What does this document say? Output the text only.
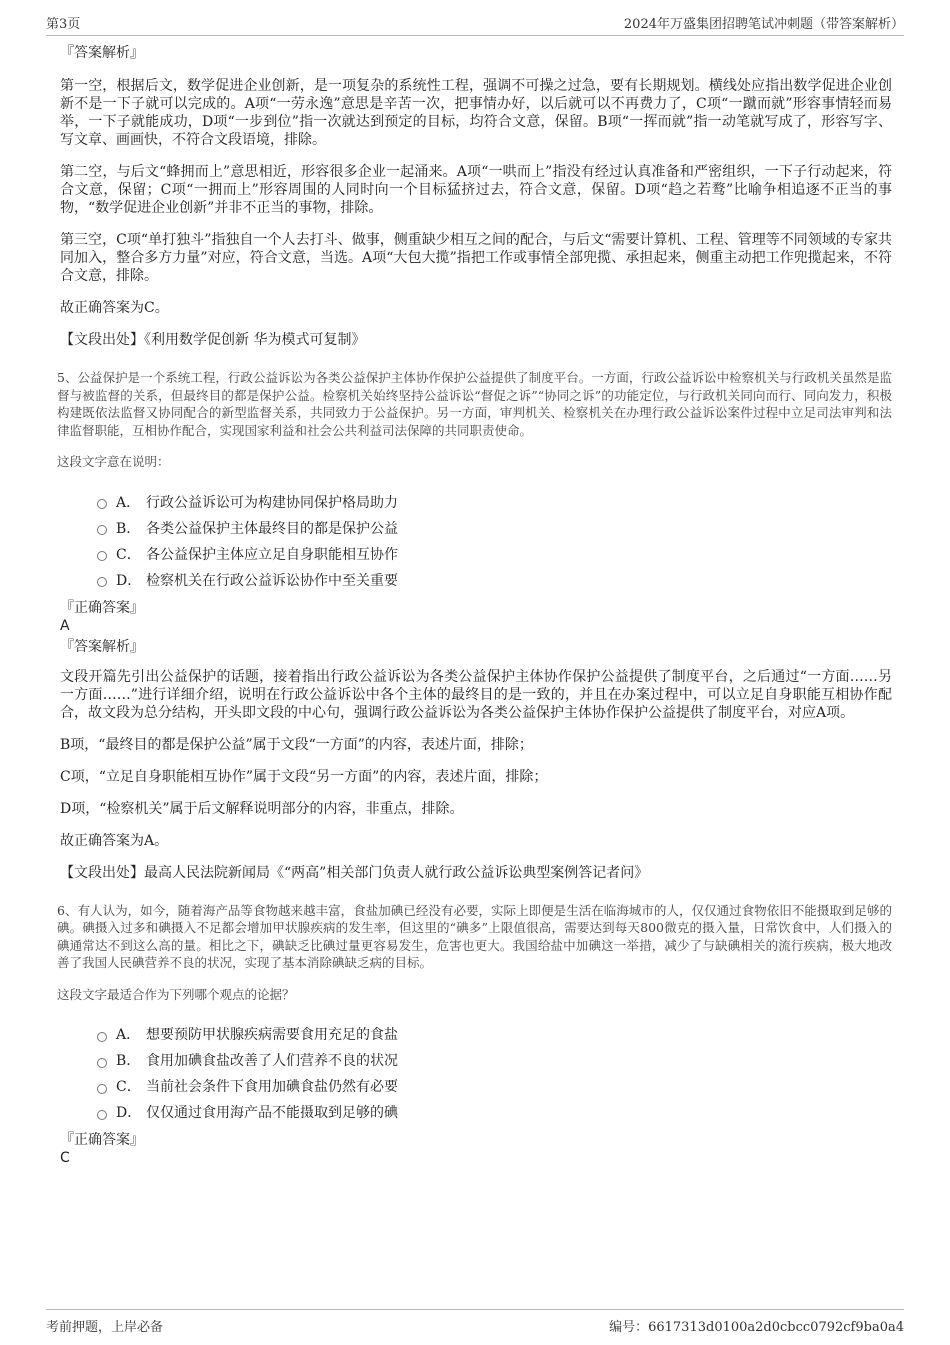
第3页	2024年万盛集团招聘笔试冲刺题（带答案解析）
『答案解析』

第一空，根据后文，数学促进企业创新，是一项复杂的系统性工程，强调不可操之过急，要有长期规划。横线处应指出数学促进企业创新不是一下子就可以完成的。A项“一劳永逸”意思是辛苦一次，把事情办好，以后就可以不再费力了，C项“一蹴而就”形容事情轻而易举，一下子就能成功，D项“一步到位”指一次就达到预定的目标，均符合文意，保留。B项“一挥而就”指一动笔就写成了，形容写字、写文章、画画快，不符合文段语境，排除。

第二空，与后文“蜂拥而上”意思相近，形容很多企业一起涌来。A项“一哄而上”指没有经过认真准备和严密组织，一下子行动起来，符合文意，保留；C项“一拥而上”形容周围的人同时向一个目标猛挤过去，符合文意，保留。D项“趋之若鹜”比喻争相追逐不正当的事物，“数学促进企业创新”并非不正当的事物，排除。

第三空，C项“单打独斗”指独自一个人去打斗、做事，侧重缺少相互之间的配合，与后文“需要计算机、工程、管理等不同领域的专家共同加入，整合多方力量”对应，符合文意，当选。A项“大包大揽”指把工作或事情全部兜揽、承担起来，侧重主动把工作兜揽起来，不符合文意，排除。

故正确答案为C。

【文段出处】《利用数学促创新 华为模式可复制》

5、公益保护是一个系统工程，行政公益诉讼为各类公益保护主体协作保护公益提供了制度平台。一方面，行政公益诉讼中检察机关与行政机关虽然是监督与被监督的关系，但最终目的都是保护公益。检察机关始终坚持公益诉讼“督促之诉”“协同之诉”的功能定位，与行政机关同向而行、同向发力，积极构建既依法监督又协同配合的新型监督关系，共同致力于公益保护。另一方面，审判机关、检察机关在办理行政公益诉讼案件过程中立足司法审判和法律监督职能，互相协作配合，实现国家利益和社会公共利益司法保障的共同职责使命。

这段文字意在说明：

A． 行政公益诉讼可为构建协同保护格局助力
B． 各类公益保护主体最终目的都是保护公益
C． 各公益保护主体应立足自身职能相互协作
D． 检察机关在行政公益诉讼协作中至关重要
『正确答案』
A
『答案解析』

文段开篇先引出公益保护的话题，接着指出行政公益诉讼为各类公益保护主体协作保护公益提供了制度平台，之后通过“一方面……另一方面……”进行详细介绍，说明在行政公益诉讼中各个主体的最终目的是一致的，并且在办案过程中，可以立足自身职能互相协作配合，故文段为总分结构，开头即文段的中心句，强调行政公益诉讼为各类公益保护主体协作保护公益提供了制度平台，对应A项。

B项，“最终目的都是保护公益”属于文段“一方面”的内容，表述片面，排除；

C项，“立足自身职能相互协作”属于文段“另一方面”的内容，表述片面，排除；

D项，“检察机关”属于后文解释说明部分的内容，非重点，排除。

故正确答案为A。

【文段出处】最高人民法院新闻局《“两高”相关部门负责人就行政公益诉讼典型案例答记者问》

6、有人认为，如今，随着海产品等食物越来越丰富，食盐加碘已经没有必要，实际上即便是生活在临海城市的人，仅仅通过食物依旧不能摄取到足够的碘。碘摄入过多和碘摄入不足都会增加甲状腺疾病的发生率，但这里的“碘多”上限值很高，需要达到每天800微克的摄入量，日常饮食中，人们摄入的碘通常达不到这么高的量。相比之下，碘缺乏比碘过量更容易发生，危害也更大。我国给盐中加碘这一举措，减少了与缺碘相关的流行疾病，极大地改善了我国人民碘营养不良的状况，实现了基本消除碘缺乏病的目标。

这段文字最适合作为下列哪个观点的论据？

A． 想要预防甲状腺疾病需要食用充足的食盐
B． 食用加碘食盐改善了人们营养不良的状况
C． 当前社会条件下食用加碘食盐仍然有必要
D． 仅仅通过食用海产品不能摄取到足够的碘
『正确答案』
C
考前押题，上岸必备	编号：6617313d0100a2d0cbcc0792cf9ba0a4
